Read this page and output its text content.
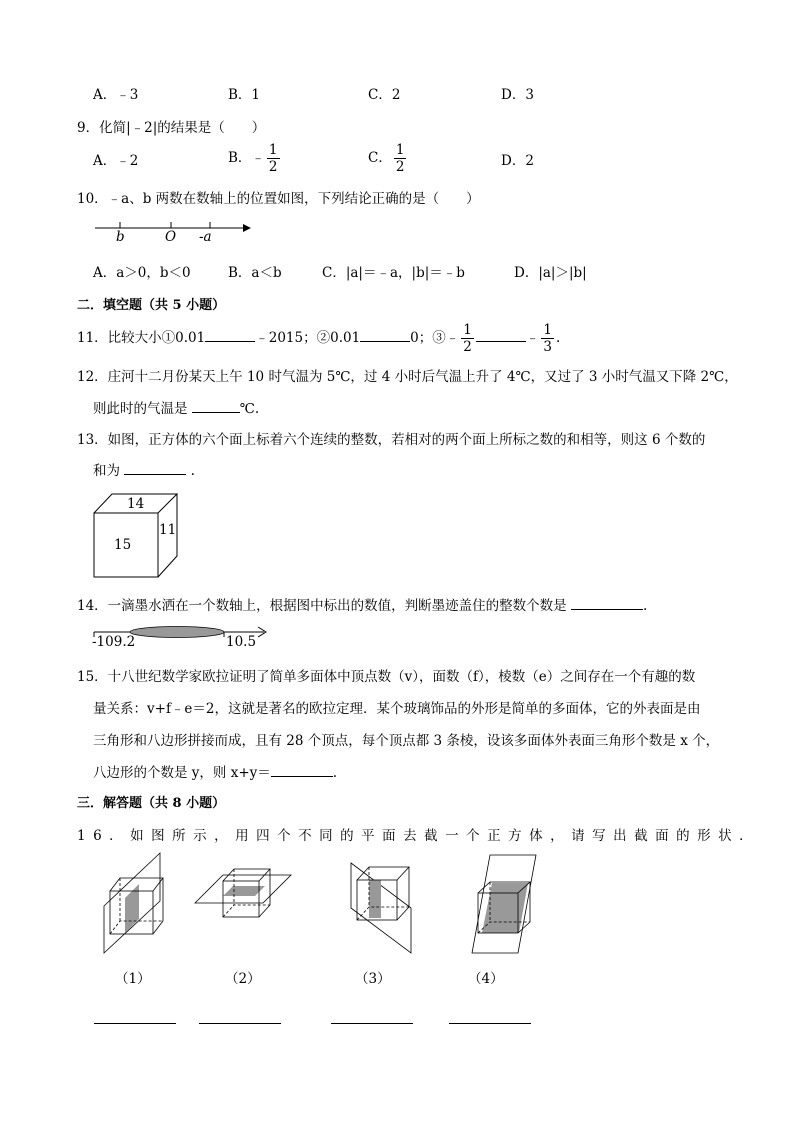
A．﹣3	B．1	C．2	D．3
9．化简|﹣2|的结果是（　　）
A．﹣2	B．﹣ $\frac{1}{2}$	C． $\frac{1}{2}$	D．2
10．﹣a、b 两数在数轴上的位置如图，下列结论正确的是（　　）
b	O -a
A．a＞0，b＜0	B．a＜b	C．|a|＝﹣a，|b|＝﹣b	D．|a|＞|b|
二．填空题（共 5 小题）
11．比较大小①0.01	﹣2015；②0.01	0；③﹣ $\frac{1}{2}$	﹣ $\frac{1}{3}$ .
12．庄河十二月份某天上午 10 时气温为 5℃，过 4 小时后气温上升了 4℃，又过了 3 小时气温又下降 2℃，
则此时的气温是	℃.
13．如图，正方体的六个面上标着六个连续的整数，若相对的两个面上所标之数的和相等，则这 6 个数的
和为	.
14
15
11
14．一滴墨水洒在一个数轴上，根据图中标出的数值，判断墨迹盖住的整数个数是	.
-109.2	10.5
15．十八世纪数学家欧拉证明了简单多面体中顶点数（v），面数（f），棱数（e）之间存在一个有趣的数
量关系：v+f﹣e＝2，这就是著名的欧拉定理．某个玻璃饰品的外形是简单的多面体，它的外表面是由
三角形和八边形拼接而成，且有 28 个顶点，每个顶点都 3 条棱，设该多面体外表面三角形个数是 x 个，
八边形的个数是 y，则 x+y＝	.
三．解答题（共 8 小题）
16．如图所示，用四个不同的平面去截一个正方体，请写出截面的形状．
（1）	（2）	（3）	（4）
